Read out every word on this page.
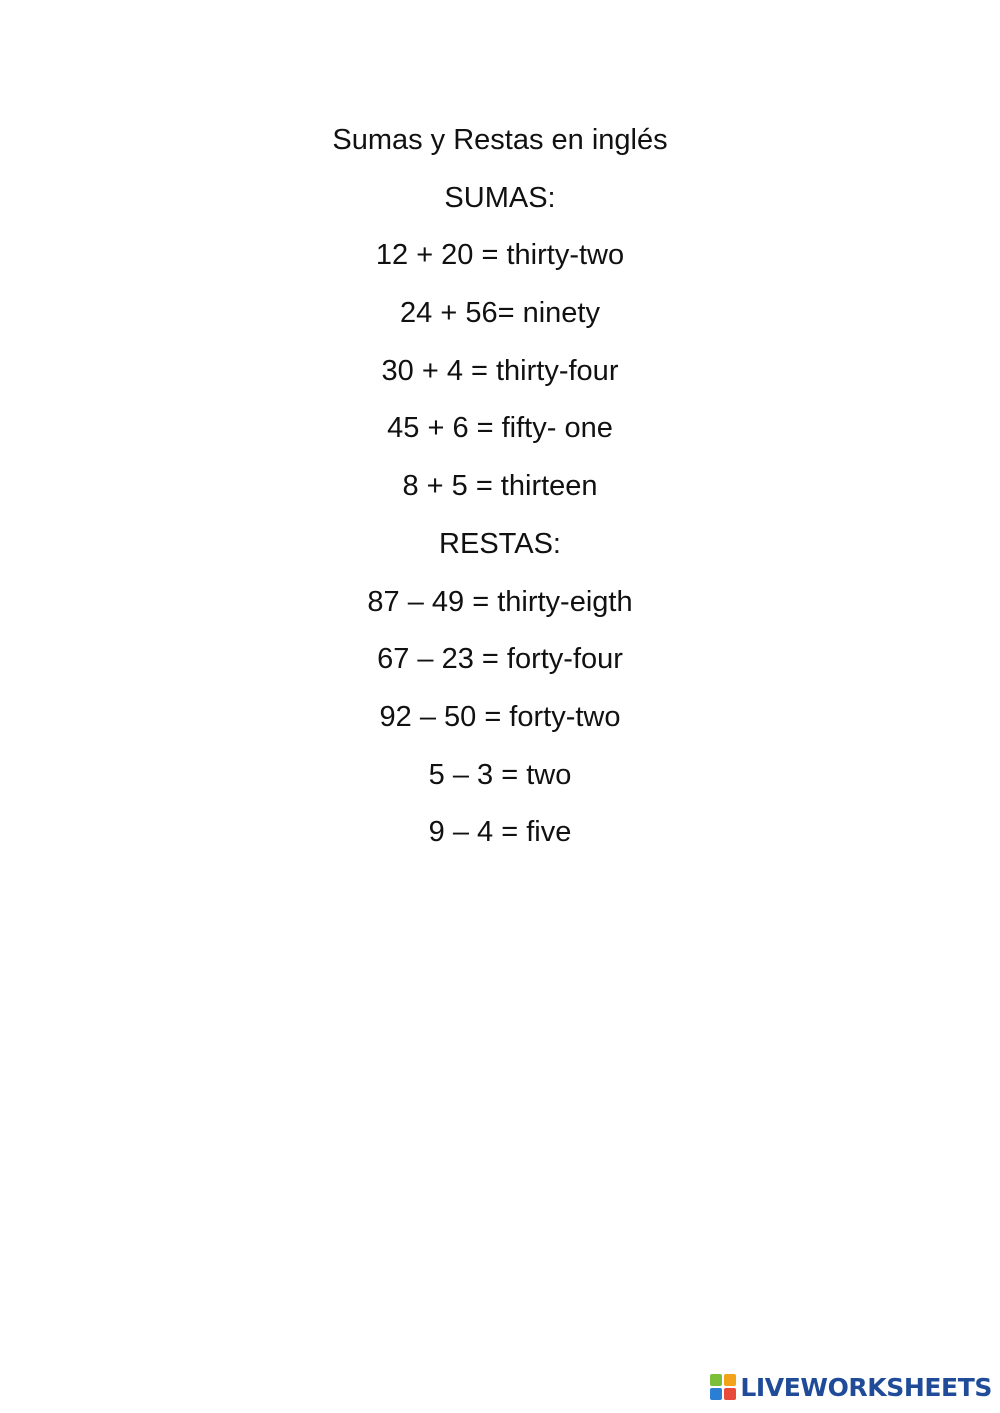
Sumas y Restas en inglés
SUMAS:
12 + 20 = thirty-two
24 + 56= ninety
30 + 4 = thirty-four
45 + 6 = fifty- one
8 + 5 = thirteen
RESTAS:
87 – 49 = thirty-eigth
67 – 23 = forty-four
92 – 50 = forty-two
5 – 3 = two
9 – 4 = five
LIVEWORKSHEETS
